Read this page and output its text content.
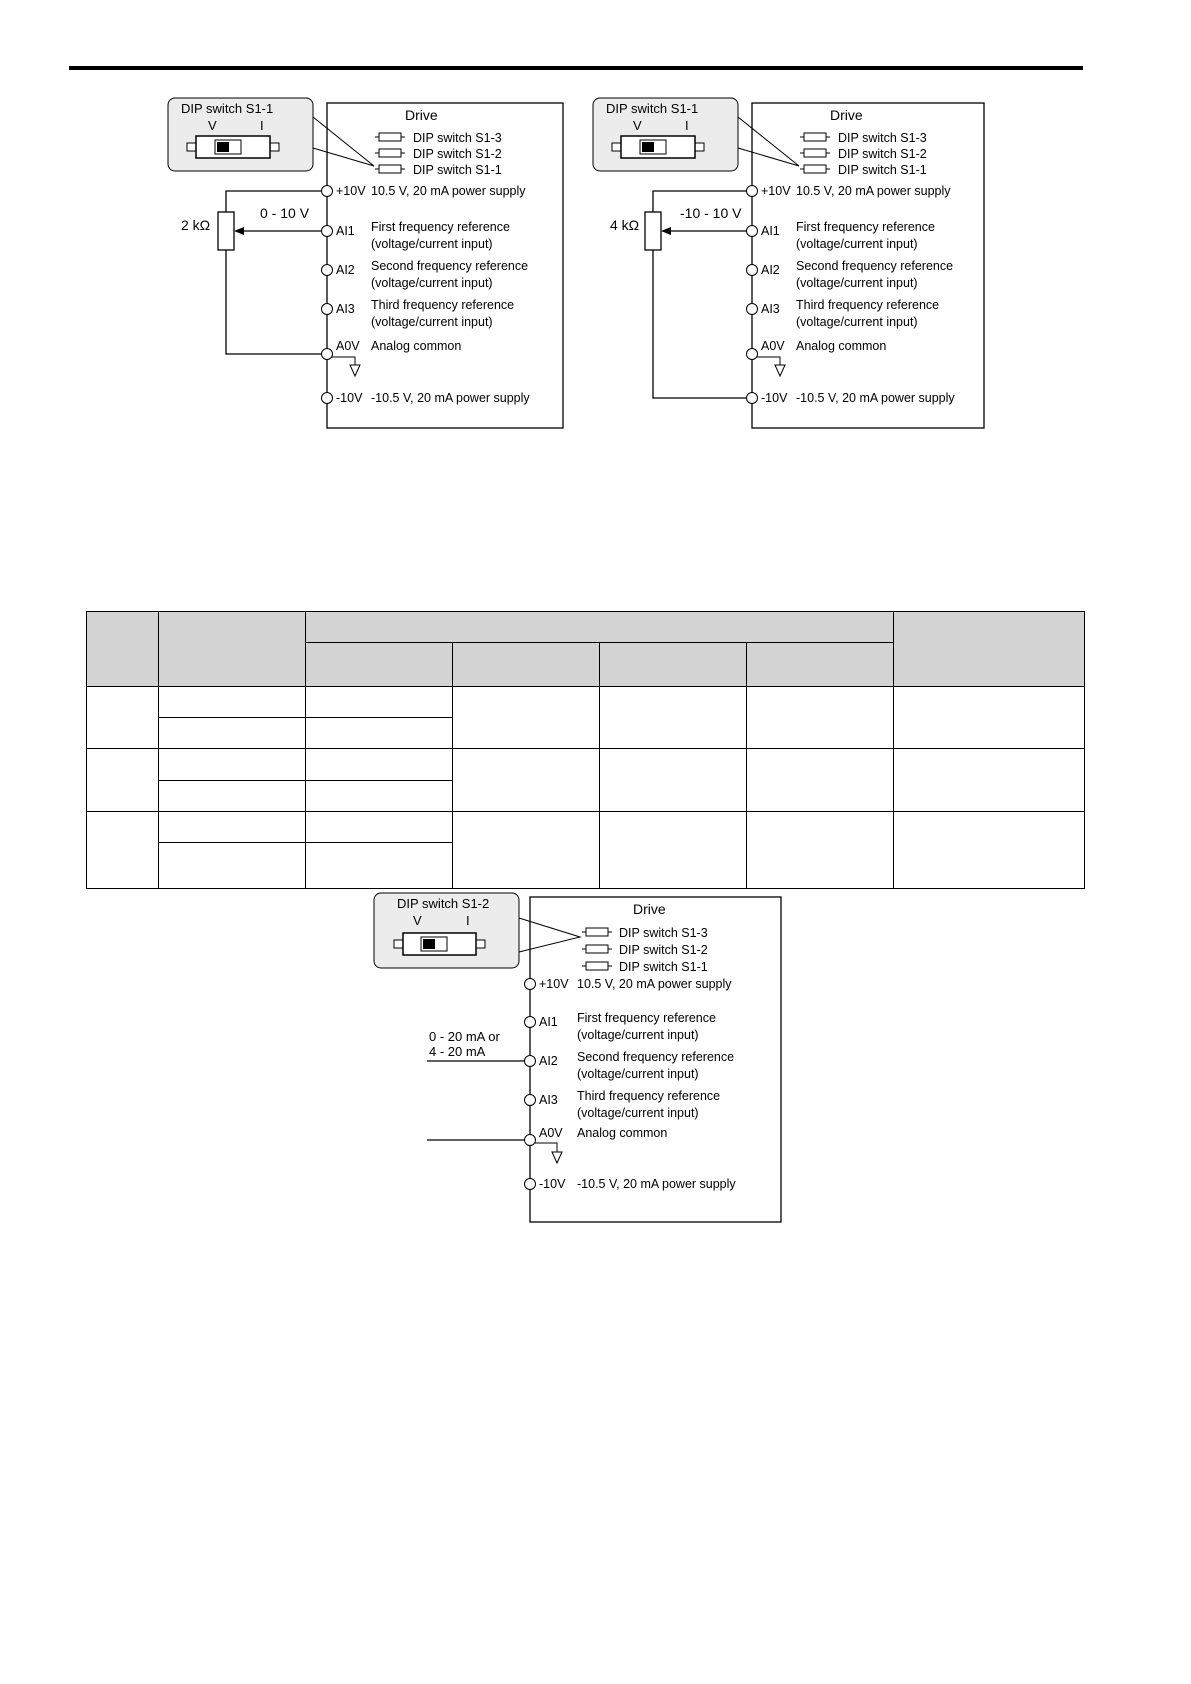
DIP switch S1-1
V	I
Drive
DIP switch S1-3
DIP switch S1-2
DIP switch S1-1
2 kΩ
0 - 10 V
+10V
AI1
AI2
AI3
A0V
-10V
10.5 V, 20 mA power supply
First frequency reference
(voltage/current input)
Second frequency reference
(voltage/current input)
Third frequency reference
(voltage/current input)
Analog common
-10.5 V, 20 mA power supply
DIP switch S1-1
V	I
Drive
DIP switch S1-3
DIP switch S1-2
DIP switch S1-1
4 kΩ
-10 - 10 V
+10V
AI1
AI2
AI3
A0V
-10V
10.5 V, 20 mA power supply
First frequency reference
(voltage/current input)
Second frequency reference
(voltage/current input)
Third frequency reference
(voltage/current input)
Analog common
-10.5 V, 20 mA power supply

DIP switch S1-2
V	I
Drive
DIP switch S1-3
DIP switch S1-2
DIP switch S1-1
0 - 20 mA or
4 - 20 mA
+10V
AI1
AI2
AI3
A0V
-10V
10.5 V, 20 mA power supply
First frequency reference
(voltage/current input)
Second frequency reference
(voltage/current input)
Third frequency reference
(voltage/current input)
Analog common
-10.5 V, 20 mA power supply
